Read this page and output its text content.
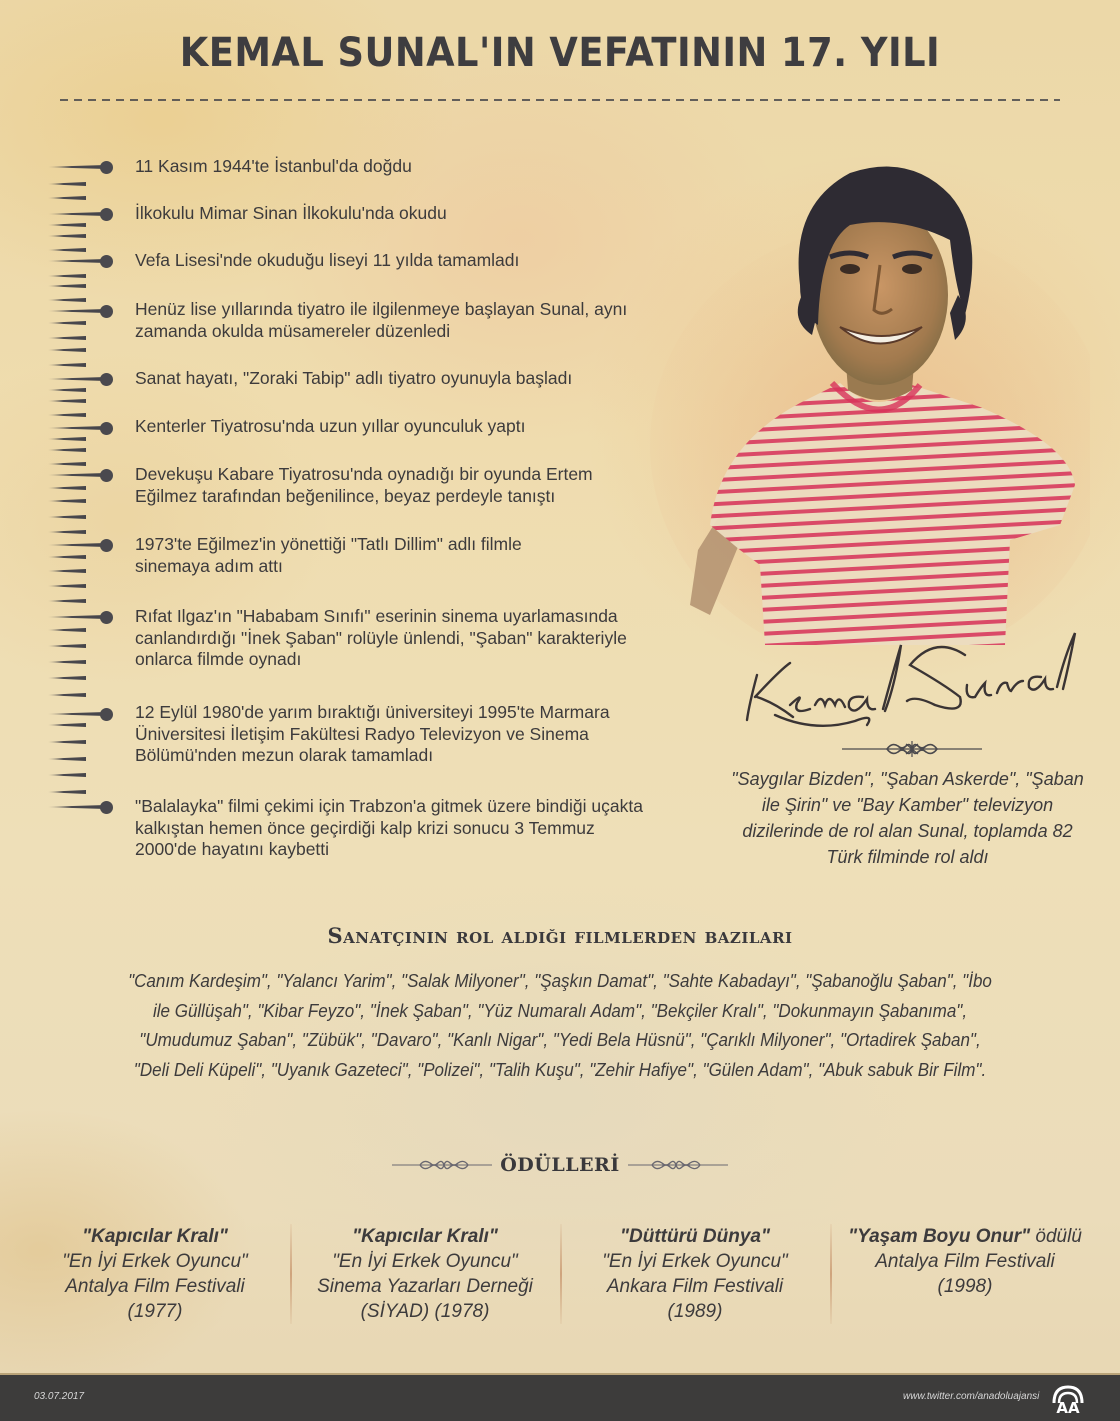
KEMAL SUNAL'IN VEFATININ 17. YILI
11 Kasım 1944'te İstanbul'da doğdu
İlkokulu Mimar Sinan İlkokulu'nda okudu
Vefa Lisesi'nde okuduğu liseyi 11 yılda tamamladı
Henüz lise yıllarında tiyatro ile ilgilenmeye başlayan Sunal, aynı zamanda okulda müsamereler düzenledi
Sanat hayatı, "Zoraki Tabip" adlı tiyatro oyunuyla başladı
Kenterler Tiyatrosu'nda uzun yıllar oyunculuk yaptı
Devekuşu Kabare Tiyatrosu'nda oynadığı bir oyunda Ertem Eğilmez tarafından beğenilince, beyaz perdeyle tanıştı
1973'te Eğilmez'in yönettiği "Tatlı Dillim" adlı filmle sinemaya adım attı
Rıfat Ilgaz'ın "Hababam Sınıfı" eserinin sinema uyarlamasında canlandırdığı "İnek Şaban" rolüyle ünlendi, "Şaban" karakteriyle onlarca filmde oynadı
12 Eylül 1980'de yarım bıraktığı üniversiteyi 1995'te Marmara Üniversitesi İletişim Fakültesi Radyo Televizyon ve Sinema Bölümü'nden mezun olarak tamamladı
"Balalayka" filmi çekimi için Trabzon'a gitmek üzere bindiği uçakta kalkıştan hemen önce geçirdiği kalp krizi sonucu 3 Temmuz 2000'de hayatını kaybetti
"Saygılar Bizden", "Şaban Askerde", "Şaban ile Şirin" ve "Bay Kamber" televizyon dizilerinde de rol alan Sunal, toplamda 82 Türk filminde rol aldı
Sanatçının rol aldığı filmlerden bazıları
"Canım Kardeşim", "Yalancı Yarim", "Salak Milyoner", "Şaşkın Damat", "Sahte Kabadayı", "Şabanoğlu Şaban", "İbo ile Güllüşah", "Kibar Feyzo", "İnek Şaban", "Yüz Numaralı Adam", "Bekçiler Kralı", "Dokunmayın Şabanıma", "Umudumuz Şaban", "Zübük", "Davaro", "Kanlı Nigar", "Yedi Bela Hüsnü", "Çarıklı Milyoner", "Ortadirek Şaban", "Deli Deli Küpeli", "Uyanık Gazeteci", "Polizei", "Talih Kuşu", "Zehir Hafiye", "Gülen Adam", "Abuk sabuk Bir Film".
ÖDÜLLERİ
"Kapıcılar Kralı"
"En İyi Erkek Oyuncu"
Antalya Film Festivali
(1977)
"Kapıcılar Kralı"
"En İyi Erkek Oyuncu"
Sinema Yazarları Derneği
(SİYAD) (1978)
"Düttürü Dünya"
"En İyi Erkek Oyuncu"
Ankara Film Festivali
(1989)
"Yaşam Boyu Onur" ödülü
Antalya Film Festivali
(1998)
03.07.2017	www.twitter.com/anadoluajansi
AA
